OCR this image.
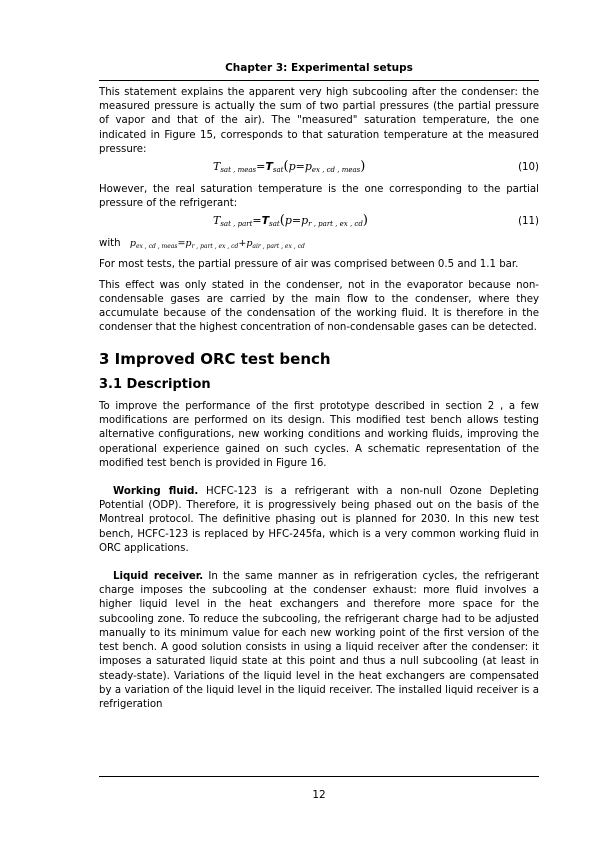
Chapter 3: Experimental setups

This statement explains the apparent very high subcooling after the condenser: the measured pressure is actually the sum of two partial pressures (the partial pressure of vapor and that of the air). The "measured" saturation temperature, the one indicated in Figure 15, corresponds to that saturation temperature at the measured pressure:

$T_{sat , meas}=T_{sat}(p=p_{ex , cd , meas})$	(10)

However, the real saturation temperature is the one corresponding to the partial pressure of the refrigerant:

$T_{sat , part}=T_{sat}(p=p_{r , part , ex , cd})$	(11)
with $p_{ex , cd , meas}=p_{r , part , ex , cd}+p_{air , part , ex , cd}$

For most tests, the partial pressure of air was comprised between 0.5 and 1.1 bar.

This effect was only stated in the condenser, not in the evaporator because non-condensable gases are carried by the main flow to the condenser, where they accumulate because of the condensation of the working fluid. It is therefore in the condenser that the highest concentration of non-condensable gases can be detected.

3 Improved ORC test bench
3.1 Description

To improve the performance of the first prototype described in section 2 , a few modifications are performed on its design. This modified test bench allows testing alternative configurations, new working conditions and working fluids, improving the operational experience gained on such cycles. A schematic representation of the modified test bench is provided in Figure 16.

Working fluid. HCFC-123 is a refrigerant with a non-null Ozone Depleting Potential (ODP). Therefore, it is progressively being phased out on the basis of the Montreal protocol. The definitive phasing out is planned for 2030. In this new test bench, HCFC-123 is replaced by HFC-245fa, which is a very common working fluid in ORC applications.

Liquid receiver. In the same manner as in refrigeration cycles, the refrigerant charge imposes the subcooling at the condenser exhaust: more fluid involves a higher liquid level in the heat exchangers and therefore more space for the subcooling zone. To reduce the subcooling, the refrigerant charge had to be adjusted manually to its minimum value for each new working point of the first version of the test bench. A good solution consists in using a liquid receiver after the condenser: it imposes a saturated liquid state at this point and thus a null subcooling (at least in steady-state). Variations of the liquid level in the heat exchangers are compensated by a variation of the liquid level in the liquid receiver. The installed liquid receiver is a refrigeration

12
